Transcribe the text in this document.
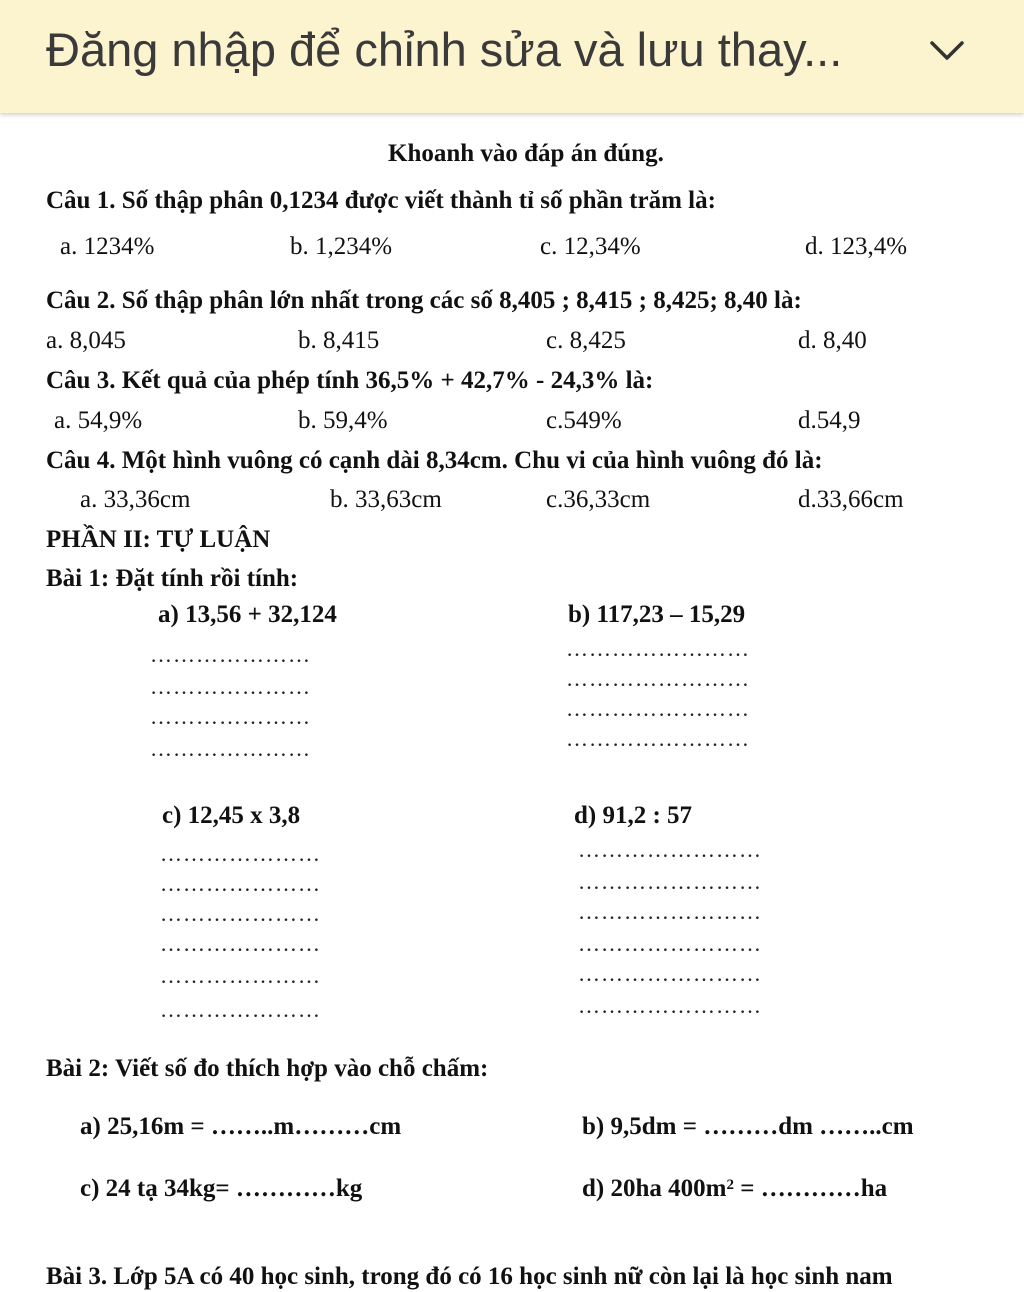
Đăng nhập để chỉnh sửa và lưu thay...
Khoanh vào đáp án đúng.
Câu 1. Số thập phân 0,1234 được viết thành tỉ số phần trăm là:
a. 1234%	b. 1,234%	c. 12,34%	d. 123,4%
Câu 2. Số thập phân lớn nhất trong các số 8,405 ; 8,415 ; 8,425; 8,40 là:
a. 8,045	b. 8,415	c. 8,425	d. 8,40
Câu 3. Kết quả của phép tính 36,5% + 42,7% - 24,3% là:
a. 54,9%	b. 59,4%	c.549%	d.54,9
Câu 4. Một hình vuông có cạnh dài 8,34cm. Chu vi của hình vuông đó là:
a. 33,36cm	b. 33,63cm	c.36,33cm	d.33,66cm
PHẦN II: TỰ LUẬN
Bài 1: Đặt tính rồi tính:
a) 13,56 + 32,124	b) 117,23 – 15,29
…………………
…………………
…………………
…………………
……………………
……………………
……………………
……………………
c) 12,45 x 3,8	d) 91,2 : 57
…………………
…………………
…………………
…………………
…………………
…………………
……………………
……………………
……………………
……………………
……………………
……………………
Bài 2: Viết số đo thích hợp vào chỗ chấm:
a) 25,16m = ……..m………cm	b) 9,5dm = ………dm ……..cm
c) 24 tạ 34kg= …………kg	d) 20ha $400m^2$ = …………ha
Bài 3. Lớp 5A có 40 học sinh, trong đó có 16 học sinh nữ còn lại là học sinh nam
